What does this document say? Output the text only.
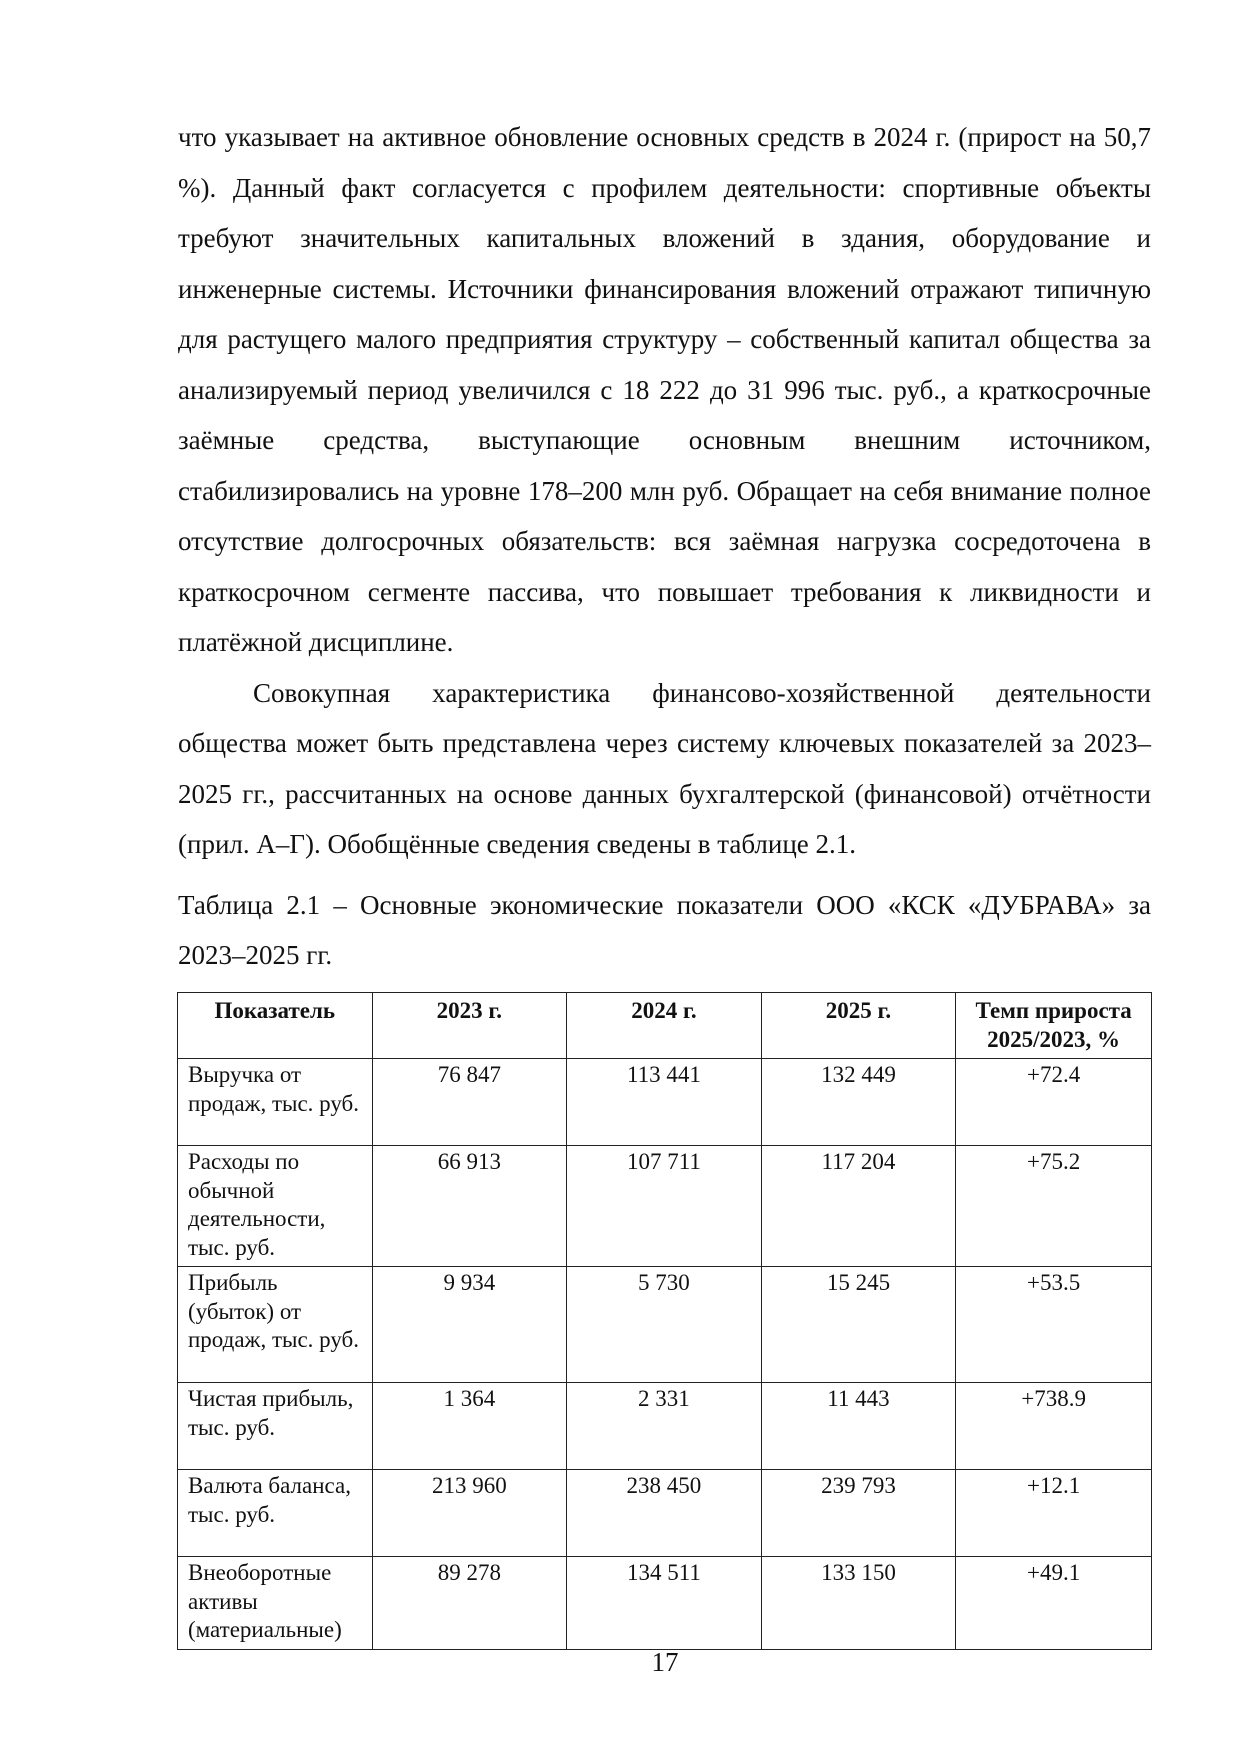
что указывает на активное обновление основных средств в 2024 г. (прирост на 50,7 %). Данный факт согласуется с профилем деятельности: спортивные объекты требуют значительных капитальных вложений в здания, оборудование и инженерные системы. Источники финансирования вложений отражают типичную для растущего малого предприятия структуру – собственный капитал общества за анализируемый период увеличился с 18 222 до 31 996 тыс. руб., а краткосрочные заёмные средства, выступающие основным внешним источником, стабилизировались на уровне 178–200 млн руб. Обращает на себя внимание полное отсутствие долгосрочных обязательств: вся заёмная нагрузка сосредоточена в краткосрочном сегменте пассива, что повышает требования к ликвидности и платёжной дисциплине.

Совокупная характеристика финансово-хозяйственной деятельности общества может быть представлена через систему ключевых показателей за 2023–2025 гг., рассчитанных на основе данных бухгалтерской (финансовой) отчётности (прил. А–Г). Обобщённые сведения сведены в таблице 2.1.

Таблица 2.1 – Основные экономические показатели ООО «КСК «ДУБРАВА» за 2023–2025 гг.
Показатель	2023 г.	2024 г.	2025 г.	Темп прироста 2025/2023, %
Выручка от продаж, тыс. руб.	76 847	113 441	132 449	+72.4
Расходы по обычной деятельности, тыс. руб.	66 913	107 711	117 204	+75.2
Прибыль (убыток) от продаж, тыс. руб.	9 934	5 730	15 245	+53.5
Чистая прибыль, тыс. руб.	1 364	2 331	11 443	+738.9
Валюта баланса, тыс. руб.	213 960	238 450	239 793	+12.1
Внеоборотные активы (материальные)	89 278	134 511	133 150	+49.1
17
